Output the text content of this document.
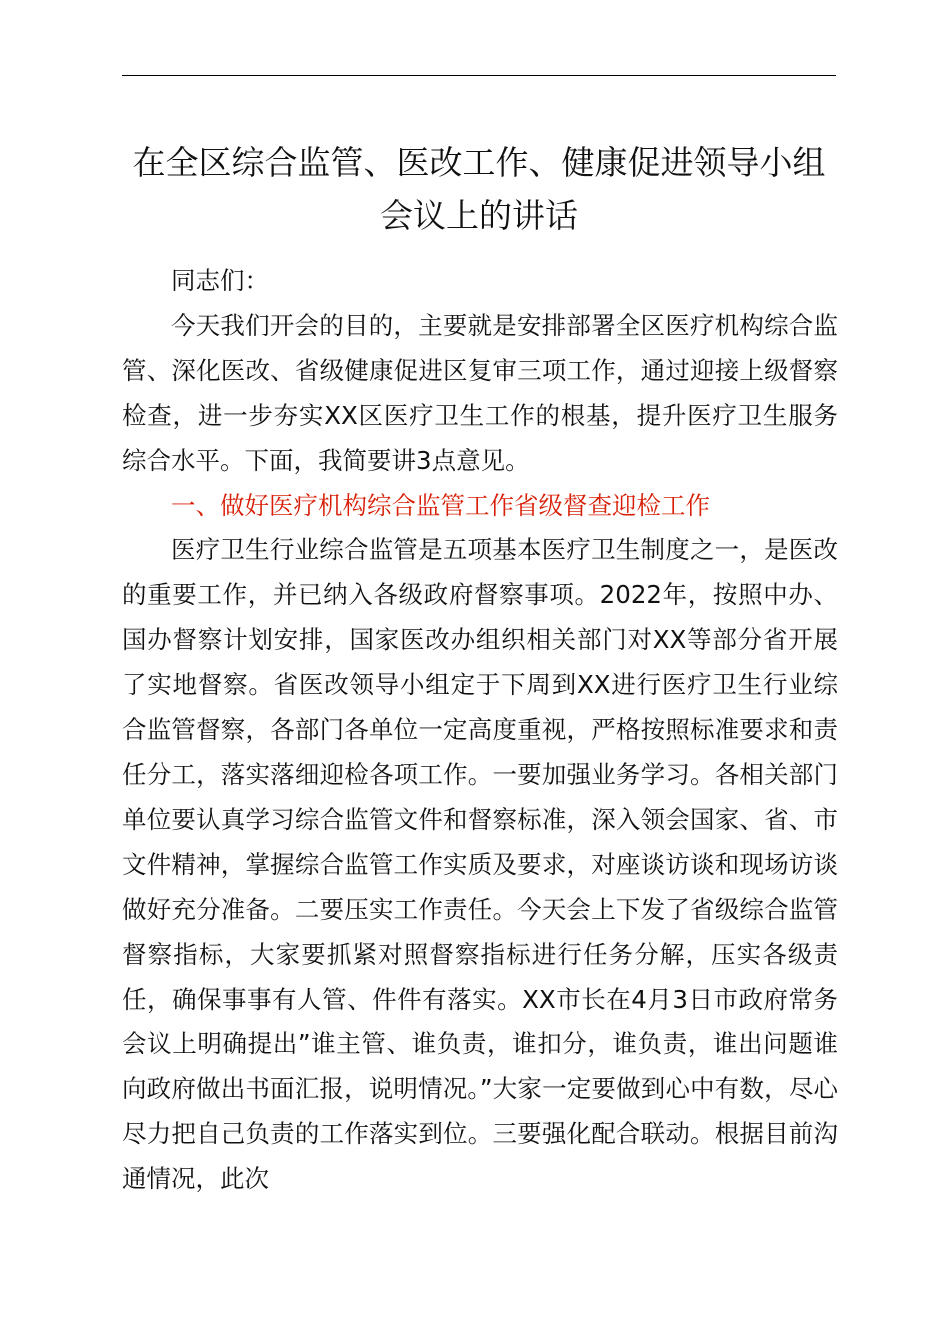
在全区综合监管、医改工作、健康促进领导小组会议上的讲话

同志们：

今天我们开会的目的，主要就是安排部署全区医疗机构综合监管、深化医改、省级健康促进区复审三项工作，通过迎接上级督察检查，进一步夯实XX区医疗卫生工作的根基，提升医疗卫生服务综合水平。下面，我简要讲3点意见。

一、做好医疗机构综合监管工作省级督查迎检工作

医疗卫生行业综合监管是五项基本医疗卫生制度之一，是医改的重要工作，并已纳入各级政府督察事项。2022年，按照中办、国办督察计划安排，国家医改办组织相关部门对XX等部分省开展了实地督察。省医改领导小组定于下周到XX进行医疗卫生行业综合监管督察，各部门各单位一定高度重视，严格按照标准要求和责任分工，落实落细迎检各项工作。一要加强业务学习。各相关部门单位要认真学习综合监管文件和督察标准，深入领会国家、省、市文件精神，掌握综合监管工作实质及要求，对座谈访谈和现场访谈做好充分准备。二要压实工作责任。今天会上下发了省级综合监管督察指标，大家要抓紧对照督察指标进行任务分解，压实各级责任，确保事事有人管、件件有落实。XX市长在4月3日市政府常务会议上明确提出”谁主管、谁负责，谁扣分，谁负责，谁出问题谁向政府做出书面汇报，说明情况。”大家一定要做到心中有数，尽心尽力把自己负责的工作落实到位。三要强化配合联动。根据目前沟通情况，此次
